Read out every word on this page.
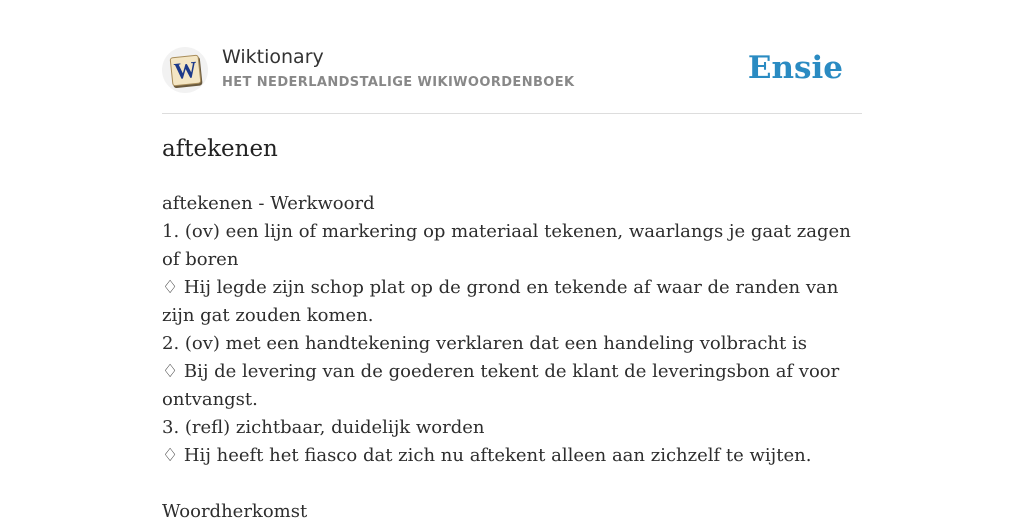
W Wiktionary
HET NEDERLANDSTALIGE WIKIWOORDENBOEK	Ensie
aftekenen
aftekenen - Werkwoord
1. (ov) een lijn of markering op materiaal tekenen, waarlangs je gaat zagen of boren
♢ Hij legde zijn schop plat op de grond en tekende af waar de randen van zijn gat zouden komen.
2. (ov) met een handtekening verklaren dat een handeling volbracht is
♢ Bij de levering van de goederen tekent de klant de leveringsbon af voor ontvangst.
3. (refl) zichtbaar, duidelijk worden
♢ Hij heeft het fiasco dat zich nu aftekent alleen aan zichzelf te wijten.
Woordherkomst
